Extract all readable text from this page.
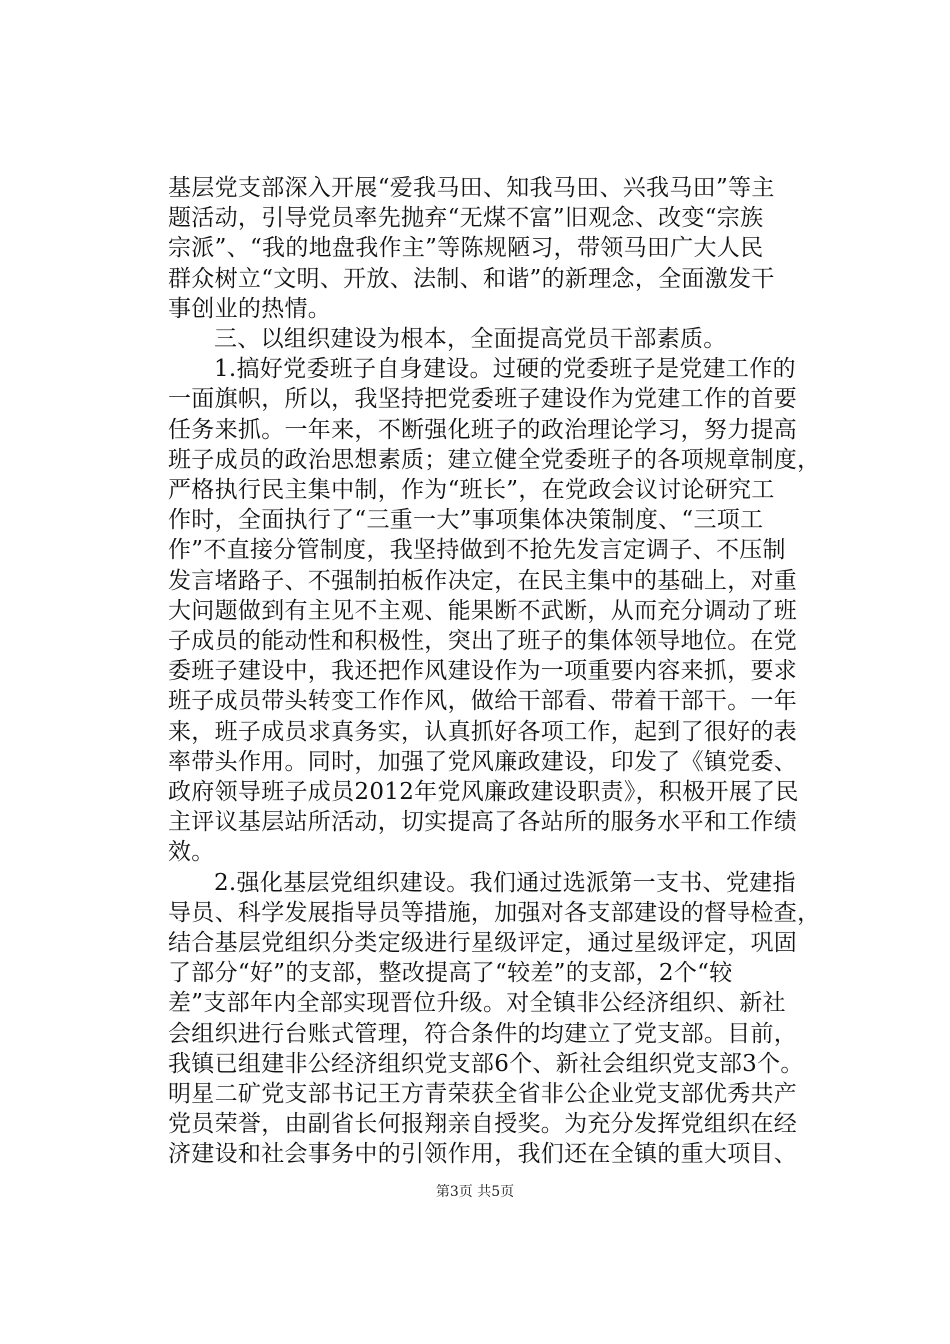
基层党支部深入开展“爱我马田、知我马田、兴我马田”等主

题活动，引导党员率先抛弃“无煤不富”旧观念、改变“宗族

宗派”、“我的地盘我作主”等陈规陋习，带领马田广大人民

群众树立“文明、开放、法制、和谐”的新理念，全面激发干

事创业的热情。

三、以组织建设为根本，全面提高党员干部素质。

1.搞好党委班子自身建设。过硬的党委班子是党建工作的

一面旗帜，所以，我坚持把党委班子建设作为党建工作的首要

任务来抓。一年来，不断强化班子的政治理论学习，努力提高

班子成员的政治思想素质；建立健全党委班子的各项规章制度，

严格执行民主集中制，作为“班长”，在党政会议讨论研究工

作时，全面执行了“三重一大”事项集体决策制度、“三项工

作”不直接分管制度，我坚持做到不抢先发言定调子、不压制

发言堵路子、不强制拍板作决定，在民主集中的基础上，对重

大问题做到有主见不主观、能果断不武断，从而充分调动了班

子成员的能动性和积极性，突出了班子的集体领导地位。在党

委班子建设中，我还把作风建设作为一项重要内容来抓，要求

班子成员带头转变工作作风，做给干部看、带着干部干。一年

来，班子成员求真务实，认真抓好各项工作，起到了很好的表

率带头作用。同时，加强了党风廉政建设，印发了《镇党委、

政府领导班子成员2012年党风廉政建设职责》，积极开展了民

主评议基层站所活动，切实提高了各站所的服务水平和工作绩

效。

2.强化基层党组织建设。我们通过选派第一支书、党建指

导员、科学发展指导员等措施，加强对各支部建设的督导检查，

结合基层党组织分类定级进行星级评定，通过星级评定，巩固

了部分“好”的支部，整改提高了“较差”的支部，2个“较

差”支部年内全部实现晋位升级。对全镇非公经济组织、新社

会组织进行台账式管理，符合条件的均建立了党支部。目前，

我镇已组建非公经济组织党支部6个、新社会组织党支部3个。

明星二矿党支部书记王方青荣获全省非公企业党支部优秀共产

党员荣誉，由副省长何报翔亲自授奖。为充分发挥党组织在经

济建设和社会事务中的引领作用，我们还在全镇的重大项目、

第3页 共5页
